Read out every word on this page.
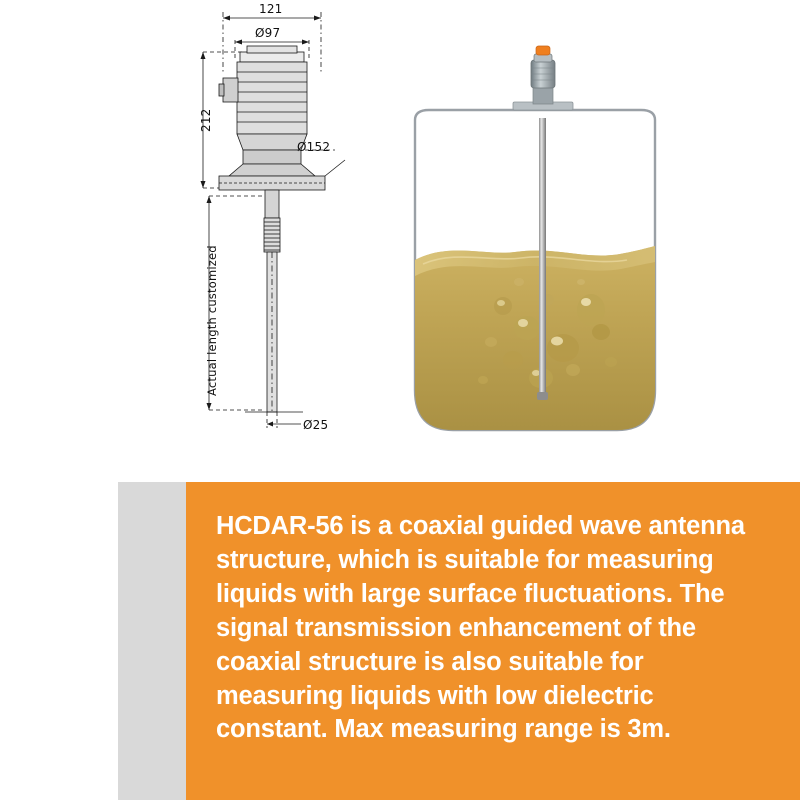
121
Ø97
Ø152
212
Actual length customized
Ø25

HCDAR-56 is a coaxial guided wave antenna structure, which is suitable for measuring liquids with large surface fluctuations. The signal transmission enhancement of the coaxial structure is also suitable for measuring liquids with low dielectric constant. Max measuring range is 3m.
